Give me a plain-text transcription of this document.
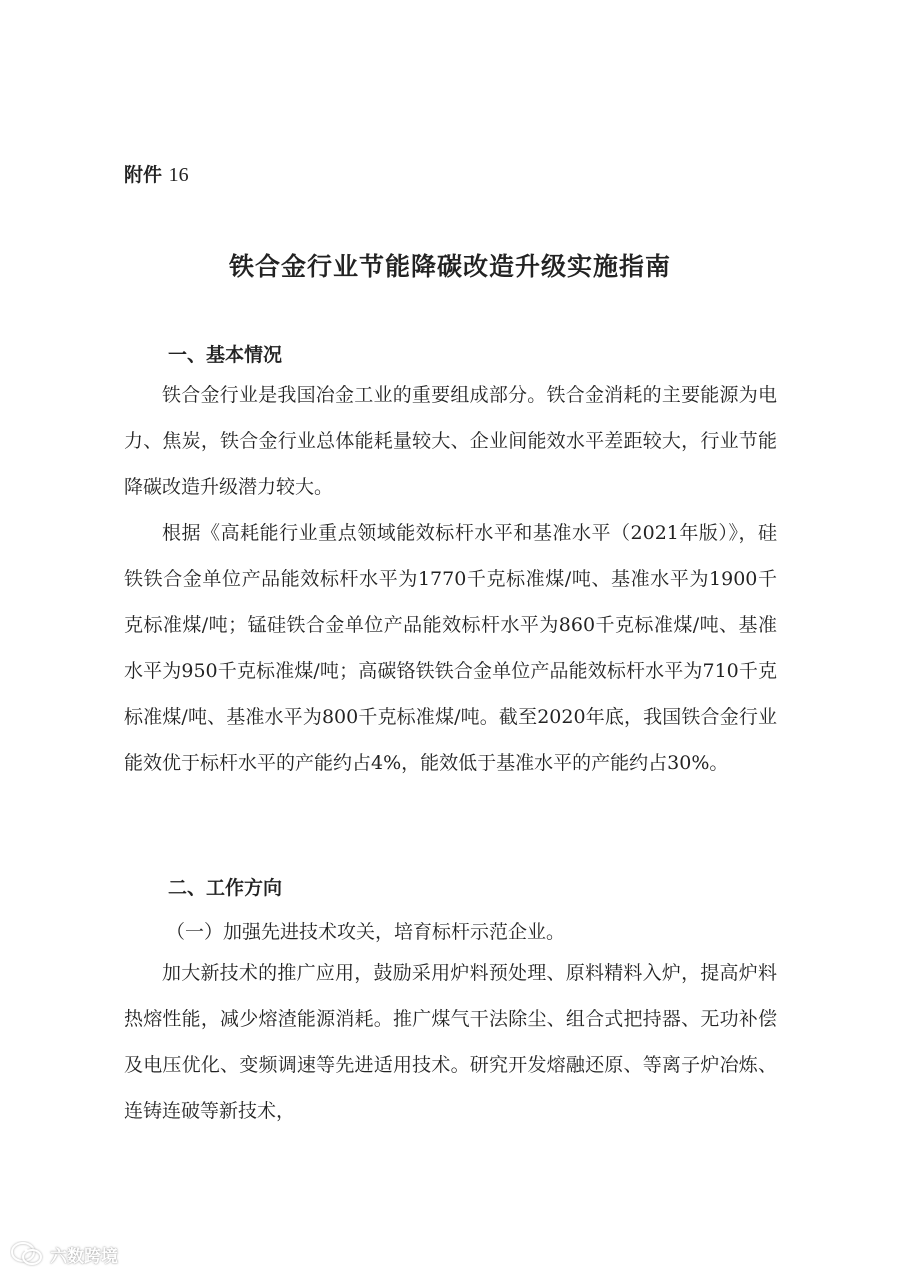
附件 16
铁合金行业节能降碳改造升级实施指南
一、基本情况
铁合金行业是我国冶金工业的重要组成部分。铁合金消耗的主要能源为电力、焦炭，铁合金行业总体能耗量较大、企业间能效水平差距较大，行业节能降碳改造升级潜力较大。
根据《高耗能行业重点领域能效标杆水平和基准水平（2021年版）》，硅铁铁合金单位产品能效标杆水平为1770千克标准煤/吨、基准水平为1900千克标准煤/吨；锰硅铁合金单位产品能效标杆水平为860千克标准煤/吨、基准水平为950千克标准煤/吨；高碳铬铁铁合金单位产品能效标杆水平为710千克标准煤/吨、基准水平为800千克标准煤/吨。截至2020年底，我国铁合金行业能效优于标杆水平的产能约占4%，能效低于基准水平的产能约占30%。
二、工作方向
（一）加强先进技术攻关，培育标杆示范企业。
加大新技术的推广应用，鼓励采用炉料预处理、原料精料入炉，提高炉料热熔性能，减少熔渣能源消耗。推广煤气干法除尘、组合式把持器、无功补偿及电压优化、变频调速等先进适用技术。研究开发熔融还原、等离子炉冶炼、连铸连破等新技术，
六数跨境
